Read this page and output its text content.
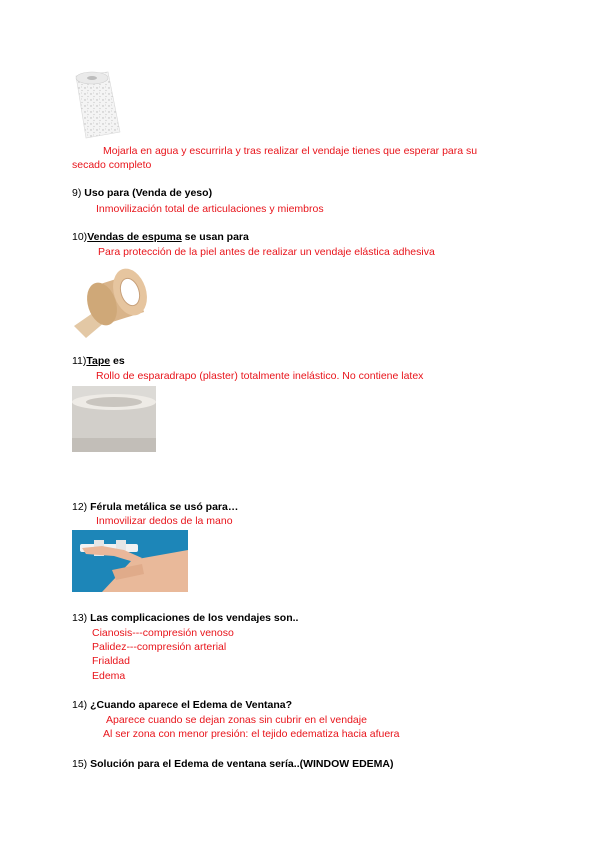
Mojarla en agua y escurrirla y tras realizar el vendaje tienes que esperar para su
secado completo
9) Uso para (Venda de yeso)
Inmovilización total de articulaciones y miembros
10)Vendas de espuma se usan para
Para protección de la piel antes de realizar un vendaje elástica adhesiva
11)Tape es
Rollo de esparadrapo (plaster) totalmente inelástico. No contiene latex
12) Férula metálica se usó para…
Inmovilizar dedos de la mano
13) Las complicaciones de los vendajes son..
Cianosis---compresión venoso
Palidez---compresión arterial
Frialdad
Edema
14) ¿Cuando aparece el Edema de Ventana?
Aparece cuando se dejan zonas sin cubrir en el vendaje
Al ser zona con menor presión: el tejido edematiza hacia afuera
15) Solución para el Edema de ventana sería..(WINDOW EDEMA)
